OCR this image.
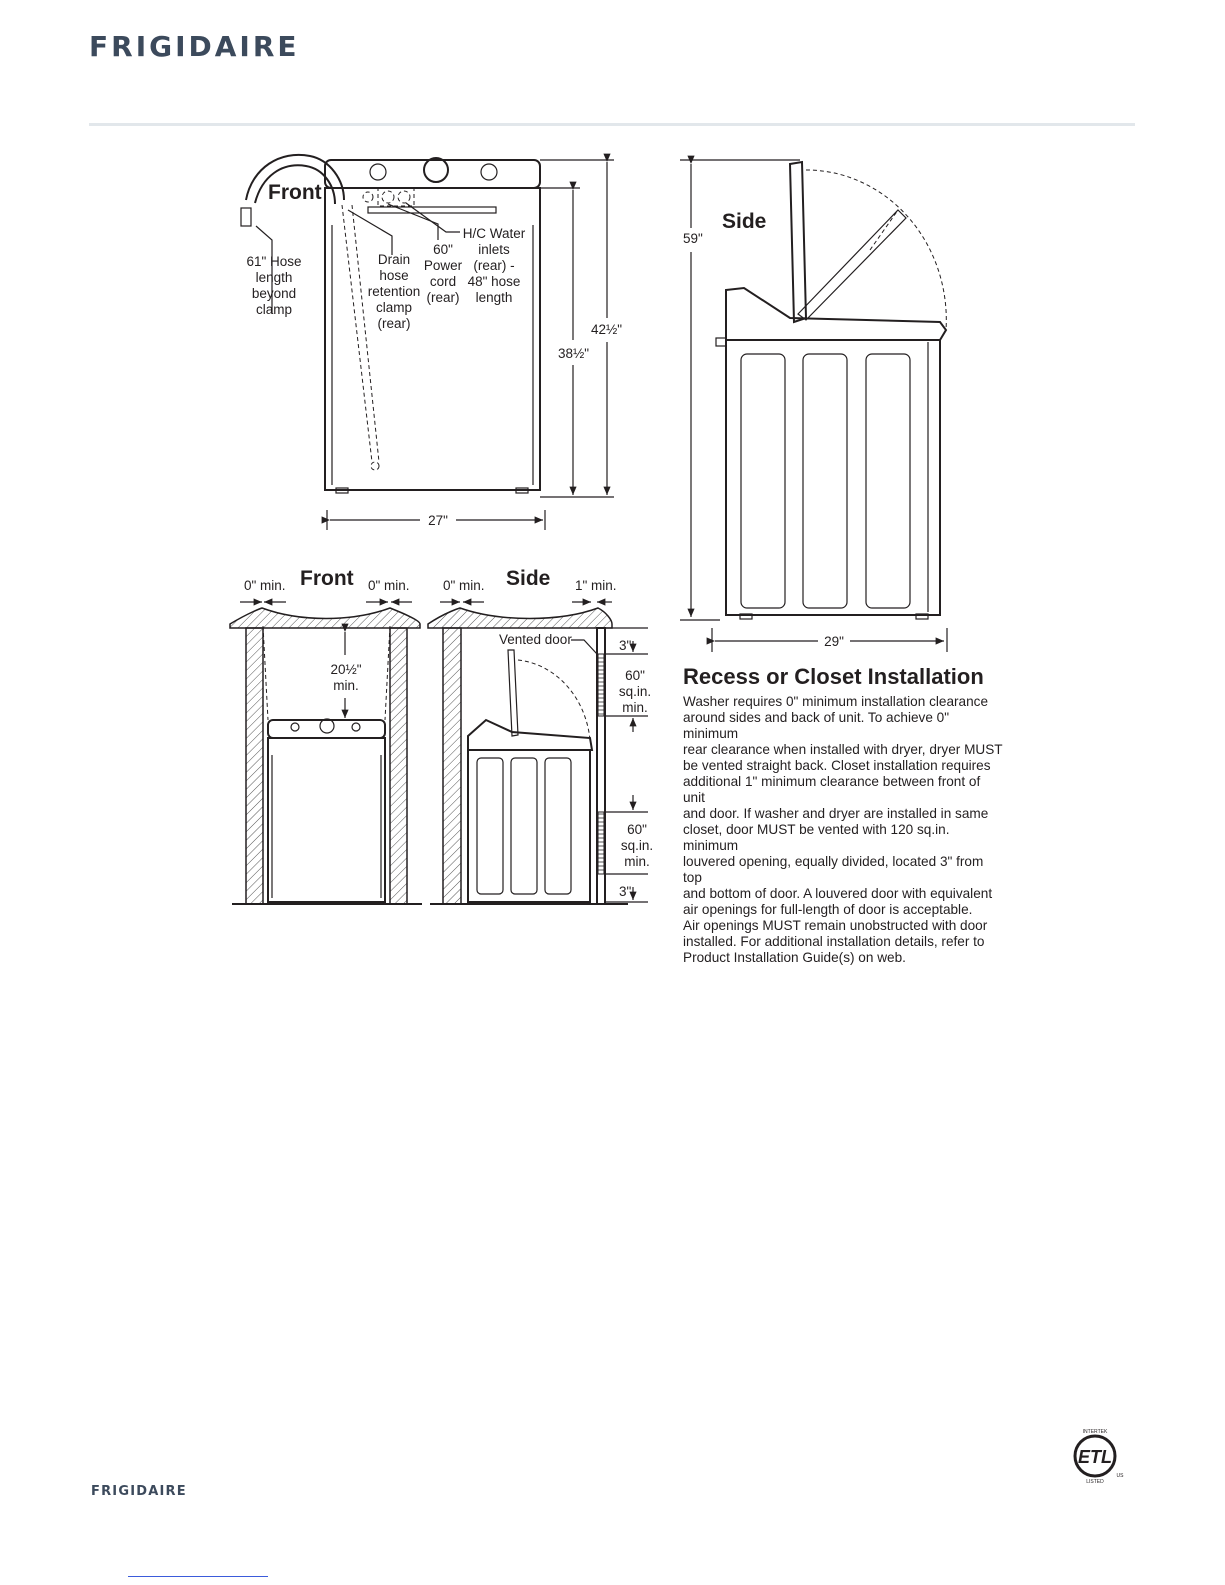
FRIGIDAIRE
Front
61" Hose
length
beyond
clamp
Drain
hose
retention
clamp
(rear)
60"
Power
cord
(rear)
H/C Water
inlets
(rear) -
48" hose
length
38½"
42½"
27"
59"
Side
29"
20½"
min.
Front
0" min.	0" min.	Side
0" min.	1" min.
Vented door	3"
3"
60"
sq.in.
min.
60"
sq.in.
min.
Recess or Closet Installation
Washer requires 0" minimum installation clearance
around sides and back of unit. To achieve 0" minimum
rear clearance when installed with dryer, dryer MUST
be vented straight back. Closet installation requires
additional 1" minimum clearance between front of unit
and door. If washer and dryer are installed in same
closet, door MUST be vented with 120 sq.in. minimum
louvered opening, equally divided, located 3" from top
and bottom of door. A louvered door with equivalent
air openings for full-length of door is acceptable.
Air openings MUST remain unobstructed with door
installed. For additional installation details, refer to
Product Installation Guide(s) on web.
ETL
INTERTEK
LISTED
US
FRIGIDAIRE
